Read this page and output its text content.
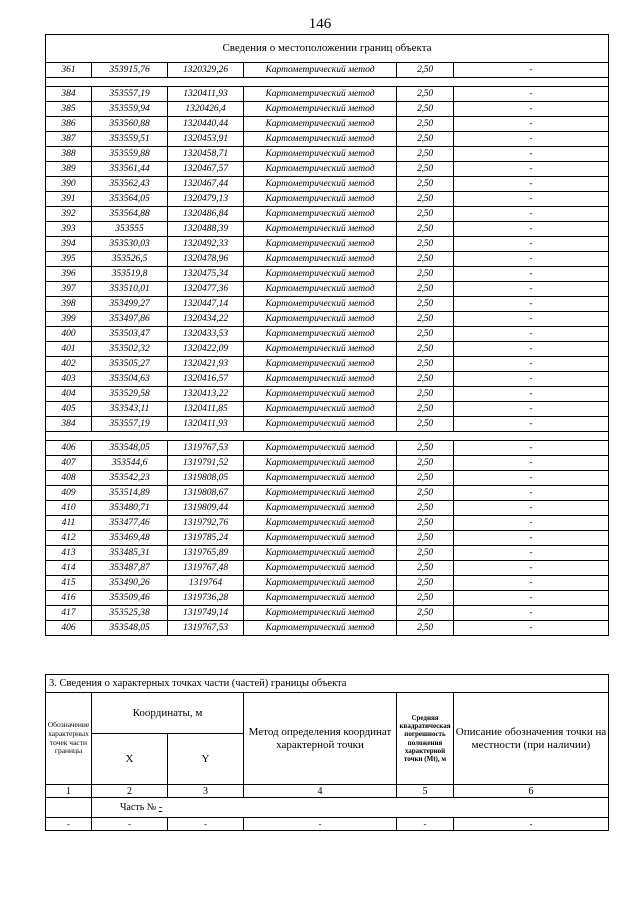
146
Сведения о местоположении границ объекта					
361	353915,76	1320329,26	Картометрический метод	2,50	-

384	353557,19	1320411,93	Картометрический метод	2,50	-
385	353559,94	1320426,4	Картометрический метод	2,50	-
386	353560,88	1320440,44	Картометрический метод	2,50	-
387	353559,51	1320453,91	Картометрический метод	2,50	-
388	353559,88	1320458,71	Картометрический метод	2,50	-
389	353561,44	1320467,57	Картометрический метод	2,50	-
390	353562,43	1320467,44	Картометрический метод	2,50	-
391	353564,05	1320479,13	Картометрический метод	2,50	-
392	353564,88	1320486,84	Картометрический метод	2,50	-
393	353555	1320488,39	Картометрический метод	2,50	-
394	353530,03	1320492,33	Картометрический метод	2,50	-
395	353526,5	1320478,96	Картометрический метод	2,50	-
396	353519,8	1320475,34	Картометрический метод	2,50	-
397	353510,01	1320477,36	Картометрический метод	2,50	-
398	353499,27	1320447,14	Картометрический метод	2,50	-
399	353497,86	1320434,22	Картометрический метод	2,50	-
400	353503,47	1320433,53	Картометрический метод	2,50	-
401	353502,32	1320422,09	Картометрический метод	2,50	-
402	353505,27	1320421,93	Картометрический метод	2,50	-
403	353504,63	1320416,57	Картометрический метод	2,50	-
404	353529,58	1320413,22	Картометрический метод	2,50	-
405	353543,11	1320411,85	Картометрический метод	2,50	-
384	353557,19	1320411,93	Картометрический метод	2,50	-

406	353548,05	1319767,53	Картометрический метод	2,50	-
407	353544,6	1319791,52	Картометрический метод	2,50	-
408	353542,23	1319808,05	Картометрический метод	2,50	-
409	353514,89	1319808,67	Картометрический метод	2,50	-
410	353480,71	1319809,44	Картометрический метод	2,50	-
411	353477,46	1319792,76	Картометрический метод	2,50	-
412	353469,48	1319785,24	Картометрический метод	2,50	-
413	353485,31	1319765,89	Картометрический метод	2,50	-
414	353487,87	1319767,48	Картометрический метод	2,50	-
415	353490,26	1319764	Картометрический метод	2,50	-
416	353509,46	1319736,28	Картометрический метод	2,50	-
417	353525,38	1319749,14	Картометрический метод	2,50	-
406	353548,05	1319767,53	Картометрический метод	2,50	-
3. Сведения о характерных точках части (частей) границы объекта					
Обозначение характерных точек части границы	Координаты, м		Метод определения координат характерной точки	Средняя квадратическая погрешность положения характерной точки (Mt), м	Описание обозначения точки на местности (при наличии)
	X	Y			
1	2	3	4	5	6
	Часть № -				
-	-	-	-	-	-
